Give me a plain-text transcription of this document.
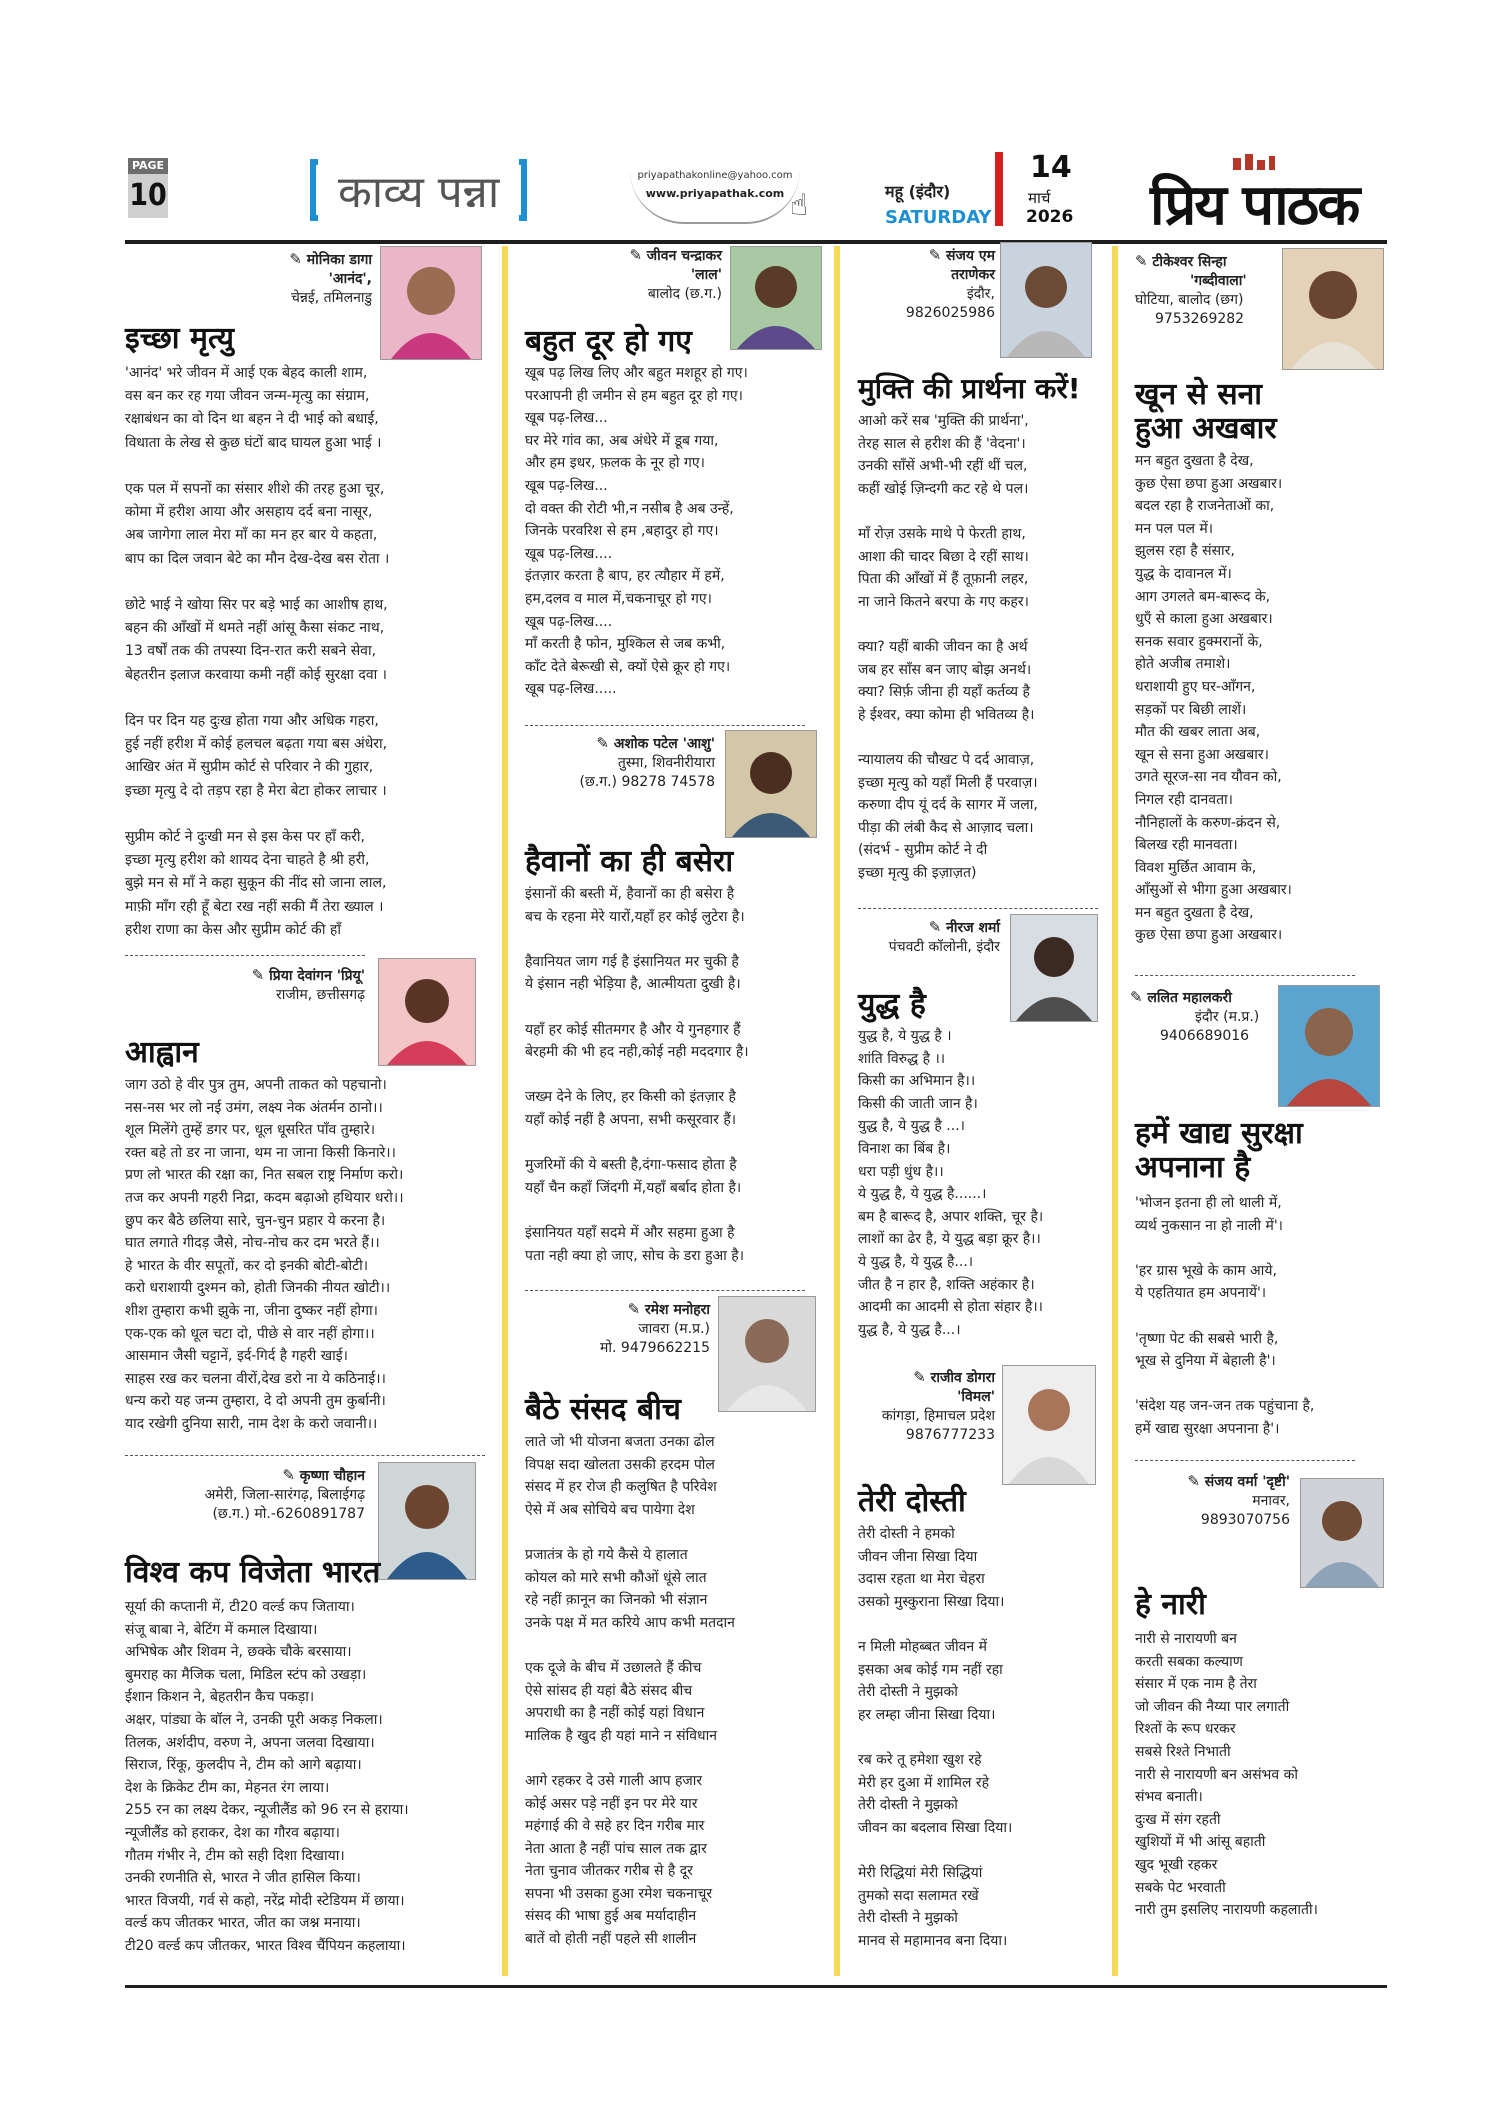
PAGE
10	काव्य पन्ना	priyapathakonline@yahoo.com
www.priyapathak.com ☝	महू (इंदौर)
SATURDAY
14
मार्च
2026 प्रिय पाठक
✎ मोनिका डागा
'आनंद',
चेन्नई, तमिलनाडु
इच्छा मृत्यु
'आनंद' भरे जीवन में आई एक बेहद काली शाम,
वस बन कर रह गया जीवन जन्म-मृत्यु का संग्राम,
रक्षाबंधन का वो दिन था बहन ने दी भाई को बधाई,
विधाता के लेख से कुछ घंटों बाद घायल हुआ भाई ।

एक पल में सपनों का संसार शीशे की तरह हुआ चूर,
कोमा में हरीश आया और असहाय दर्द बना नासूर,
अब जागेगा लाल मेरा माँ का मन हर बार ये कहता,
बाप का दिल जवान बेटे का मौन देख-देख बस रोता ।

छोटे भाई ने खोया सिर पर बड़े भाई का आशीष हाथ,
बहन की आँखों में थमते नहीं आंसू कैसा संकट नाथ,
13 वर्षों तक की तपस्या दिन-रात करी सबने सेवा,
बेहतरीन इलाज करवाया कमी नहीं कोई सुरक्षा दवा ।

दिन पर दिन यह दुःख होता गया और अधिक गहरा,
हुई नहीं हरीश में कोई हलचल बढ़ता गया बस अंधेरा,
आखिर अंत में सुप्रीम कोर्ट से परिवार ने की गुहार,
इच्छा मृत्यु दे दो तड़प रहा है मेरा बेटा होकर लाचार ।

सुप्रीम कोर्ट ने दुःखी मन से इस केस पर हाँ करी,
इच्छा मृत्यु हरीश को शायद देना चाहते है श्री हरी,
बुझे मन से माँ ने कहा सुकून की नींद सो जाना लाल,
माफ़ी माँग रही हूँ बेटा रख नहीं सकी मैं तेरा ख्याल ।
हरीश राणा का केस और सुप्रीम कोर्ट की हाँ
✎ प्रिया देवांगन 'प्रियू'
राजीम, छत्तीसगढ़
आह्वान
जाग उठो हे वीर पुत्र तुम, अपनी ताकत को पहचानो।
नस-नस भर लो नई उमंग, लक्ष्य नेक अंतर्मन ठानो।।
शूल मिलेंगे तुम्हें डगर पर, धूल धूसरित पाँव तुम्हारे।
रक्त बहे तो डर ना जाना, थम ना जाना किसी किनारे।।
प्रण लो भारत की रक्षा का, नित सबल राष्ट्र निर्माण करो।
तज कर अपनी गहरी निद्रा, कदम बढ़ाओ हथियार धरो।।
छुप कर बैठे छलिया सारे, चुन-चुन प्रहार ये करना है।
घात लगाते गीदड़ जैसे, नोच-नोच कर दम भरते हैं।।
हे भारत के वीर सपूतों, कर दो इनकी बोटी-बोटी।
करो धराशायी दुश्मन को, होती जिनकी नीयत खोटी।।
शीश तुम्हारा कभी झुके ना, जीना दुष्कर नहीं होगा।
एक-एक को धूल चटा दो, पीछे से वार नहीं होगा।।
आसमान जैसी चट्टानें, इर्द-गिर्द है गहरी खाई।
साहस रख कर चलना वीरों,देख डरो ना ये कठिनाई।।
धन्य करो यह जन्म तुम्हारा, दे दो अपनी तुम कुर्बानी।
याद रखेगी दुनिया सारी, नाम देश के करो जवानी।।
✎ कृष्णा चौहान
अमेरी, जिला-सारंगढ़, बिलाईगढ़
(छ.ग.) मो.-6260891787
विश्व कप विजेता भारत
सूर्या की कप्तानी में, टी20 वर्ल्ड कप जिताया।
संजू बाबा ने, बेटिंग में कमाल दिखाया।
अभिषेक और शिवम ने, छक्के चौके बरसाया।
बुमराह का मैजिक चला, मिडिल स्टंप को उखड़ा।
ईशान किशन ने, बेहतरीन कैच पकड़ा।
अक्षर, पांड्या के बॉल ने, उनकी पूरी अकड़ निकला।
तिलक, अर्शदीप, वरुण ने, अपना जलवा दिखाया।
सिराज, रिंकू, कुलदीप ने, टीम को आगे बढ़ाया।
देश के क्रिकेट टीम का, मेहनत रंग लाया।
255 रन का लक्ष्य देकर, न्यूजीलैंड को 96 रन से हराया।
न्यूजीलैंड को हराकर, देश का गौरव बढ़ाया।
गौतम गंभीर ने, टीम को सही दिशा दिखाया।
उनकी रणनीति से, भारत ने जीत हासिल किया।
भारत विजयी, गर्व से कहो, नरेंद्र मोदी स्टेडियम में छाया।
वर्ल्ड कप जीतकर भारत, जीत का जश्न मनाया।
टी20 वर्ल्ड कप जीतकर, भारत विश्व चैंपियन कहलाया।
✎ जीवन चन्द्राकर
'लाल'
बालोद (छ.ग.)
बहुत दूर हो गए
खूब पढ़ लिख लिए और बहुत मशहूर हो गए।
परआपनी ही जमीन से हम बहुत दूर हो गए।
खूब पढ़-लिख...
घर मेरे गांव का, अब अंधेरे में डूब गया,
और हम इधर, फ़लक के नूर हो गए।
खूब पढ़-लिख...
दो वक्त की रोटी भी,न नसीब है अब उन्हें,
जिनके परवरिश से हम ,बहादुर हो गए।
खूब पढ़-लिख....
इंतज़ार करता है बाप, हर त्यौहार में हमें,
हम,दलव व माल में,चकनाचूर हो गए।
खूब पढ़-लिख....
माँ करती है फोन, मुश्किल से जब कभी,
काँट देते बेरूखी से, क्यों ऐसे क्रूर हो गए।
खूब पढ़-लिख.....
✎ अशोक पटेल 'आशु'
तुस्मा, शिवनीरीयारा
(छ.ग.) 98278 74578
हैवानों का ही बसेरा
इंसानों की बस्ती में, हैवानों का ही बसेरा है
बच के रहना मेरे यारों,यहाँ हर कोई लुटेरा है।

हैवानियत जाग गई है इंसानियत मर चुकी है
ये इंसान नही भेड़िया है, आत्मीयता दुखी है।

यहाँ हर कोई सीतमगर है और ये गुनहगार हैं
बेरहमी की भी हद नही,कोई नही मददगार है।

जख्म देने के लिए, हर किसी को इंतज़ार है
यहाँ कोई नहीं है अपना, सभी कसूरवार हैं।

मुजरिमों की ये बस्ती है,दंगा-फसाद होता है
यहाँ चैन कहाँ जिंदगी में,यहाँ बर्बाद होता है।

इंसानियत यहाँ सदमे में और सहमा हुआ है
पता नही क्या हो जाए, सोच के डरा हुआ है।
✎ रमेश मनोहरा
जावरा (म.प्र.)
मो. 9479662215
बैठे संसद बीच
लाते जो भी योजना बजता उनका ढोल
विपक्ष सदा खोलता उसकी हरदम पोल
संसद में हर रोज ही कलुषित है परिवेश
ऐसे में अब सोचिये बच पायेगा देश

प्रजातंत्र के हो गये कैसे ये हालात
कोयल को मारे सभी कौओं धूंसे लात
रहे नहीं क़ानून का जिनको भी संज्ञान
उनके पक्ष में मत करिये आप कभी मतदान

एक दूजे के बीच में उछालते हैं कीच
ऐसे सांसद ही यहां बैठे संसद बीच
अपराधी का है नहीं कोई यहां विधान
मालिक है खुद ही यहां माने न संविधान

आगे रहकर दे उसे गाली आप हजार
कोई असर पड़े नहीं इन पर मेरे यार
महंगाई की वे सहे हर दिन गरीब मार
नेता आता है नहीं पांच साल तक द्वार
नेता चुनाव जीतकर गरीब से है दूर
सपना भी उसका हुआ रमेश चकनाचूर
संसद की भाषा हुई अब मर्यादाहीन
बातें वो होती नहीं पहले सी शालीन
✎ संजय एम
तराणेकर
इंदौर,
9826025986
मुक्ति की प्रार्थना करें!
आओ करें सब 'मुक्ति की प्रार्थना',
तेरह साल से हरीश की हैं 'वेदना'।
उनकी साँसें अभी-भी रहीं थीं चल,
कहीं खोई ज़िन्दगी कट रहे थे पल।

माँ रोज़ उसके माथे पे फेरती हाथ,
आशा की चादर बिछा दे रहीं साथ।
पिता की आँखों में हैं तूफ़ानी लहर,
ना जाने कितने बरपा के गए कहर।

क्या? यहीं बाकी जीवन का है अर्थ
जब हर साँस बन जाए बोझ अनर्थ।
क्या? सिर्फ़ जीना ही यहाँ कर्तव्य है
हे ईश्वर, क्या कोमा ही भवितव्य है।

न्यायालय की चौखट पे दर्द आवाज़,
इच्छा मृत्यु को यहाँ मिली हैं परवाज़।
करुणा दीप यूं दर्द के सागर में जला,
पीड़ा की लंबी कैद से आज़ाद चला।
(संदर्भ - सुप्रीम कोर्ट ने दी
इच्छा मृत्यु की इज़ाज़त)
✎ नीरज शर्मा
पंचवटी कॉलोनी, इंदौर
युद्ध है
युद्ध है, ये युद्ध है ।
शांति विरुद्ध है ।।
किसी का अभिमान है।।
किसी की जाती जान है।
युद्ध है, ये युद्ध है ...।
विनाश का बिंब है।
धरा पड़ी धुंध है।।
ये युद्ध है, ये युद्ध है......।
बम है बारूद है, अपार शक्ति, चूर है।
लाशों का ढेर है, ये युद्ध बड़ा क्रूर है।।
ये युद्ध है, ये युद्ध है...।
जीत है न हार है, शक्ति अहंकार है।
आदमी का आदमी से होता संहार है।।
युद्ध है, ये युद्ध है...।
✎ राजीव डोगरा
'विमल'
कांगड़ा, हिमाचल प्रदेश
9876777233
तेरी दोस्ती
तेरी दोस्ती ने हमको
जीवन जीना सिखा दिया
उदास रहता था मेरा चेहरा
उसको मुस्कुराना सिखा दिया।

न मिली मोहब्बत जीवन में
इसका अब कोई गम नहीं रहा
तेरी दोस्ती ने मुझको
हर लम्हा जीना सिखा दिया।

रब करे तू हमेशा खुश रहे
मेरी हर दुआ में शामिल रहे
तेरी दोस्ती ने मुझको
जीवन का बदलाव सिखा दिया।

मेरी रिद्धियां मेरी सिद्धियां
तुमको सदा सलामत रखें
तेरी दोस्ती ने मुझको
मानव से महामानव बना दिया।
✎ टीकेश्वर सिन्हा
'गब्दीवाला'
घोटिया, बालोद (छग)
9753269282
खून से सना
हुआ अखबार
मन बहुत दुखता है देख,
कुछ ऐसा छपा हुआ अखबार।
बदल रहा है राजनेताओं का,
मन पल पल में।
झुलस रहा है संसार,
युद्ध के दावानल में।
आग उगलते बम-बारूद के,
धुएँ से काला हुआ अखबार।
सनक सवार हुक्मरानों के,
होते अजीब तमाशे।
धराशायी हुए घर-आँगन,
सड़कों पर बिछी लाशें।
मौत की खबर लाता अब,
खून से सना हुआ अखबार।
उगते सूरज-सा नव यौवन को,
निगल रही दानवता।
नौनिहालों के करुण-क्रंदन से,
बिलख रही मानवता।
विवश मुर्छित आवाम के,
आँसुओं से भीगा हुआ अखबार।
मन बहुत दुखता है देख,
कुछ ऐसा छपा हुआ अखबार।
✎ ललित महालकरी
इंदौर (म.प्र.)
9406689016
हमें खाद्य सुरक्षा
अपनाना है
'भोजन इतना ही लो थाली में,
व्यर्थ नुकसान ना हो नाली में'।

'हर ग्रास भूखे के काम आये,
ये एहतियात हम अपनायें'।

'तृष्णा पेट की सबसे भारी है,
भूख से दुनिया में बेहाली है'।

'संदेश यह जन-जन तक पहुंचाना है,
हमें खाद्य सुरक्षा अपनाना है'।
✎ संजय वर्मा 'दृष्टी'
मनावर,
9893070756
हे नारी
नारी से नारायणी बन
करती सबका कल्याण
संसार में एक नाम है तेरा
जो जीवन की नैय्या पार लगाती
रिश्तों के रूप धरकर
सबसे रिश्ते निभाती
नारी से नारायणी बन असंभव को
संभव बनाती।
दुःख में संग रहती
खुशियों में भी आंसू बहाती
खुद भूखी रहकर
सबके पेट भरवाती
नारी तुम इसलिए नारायणी कहलाती।
